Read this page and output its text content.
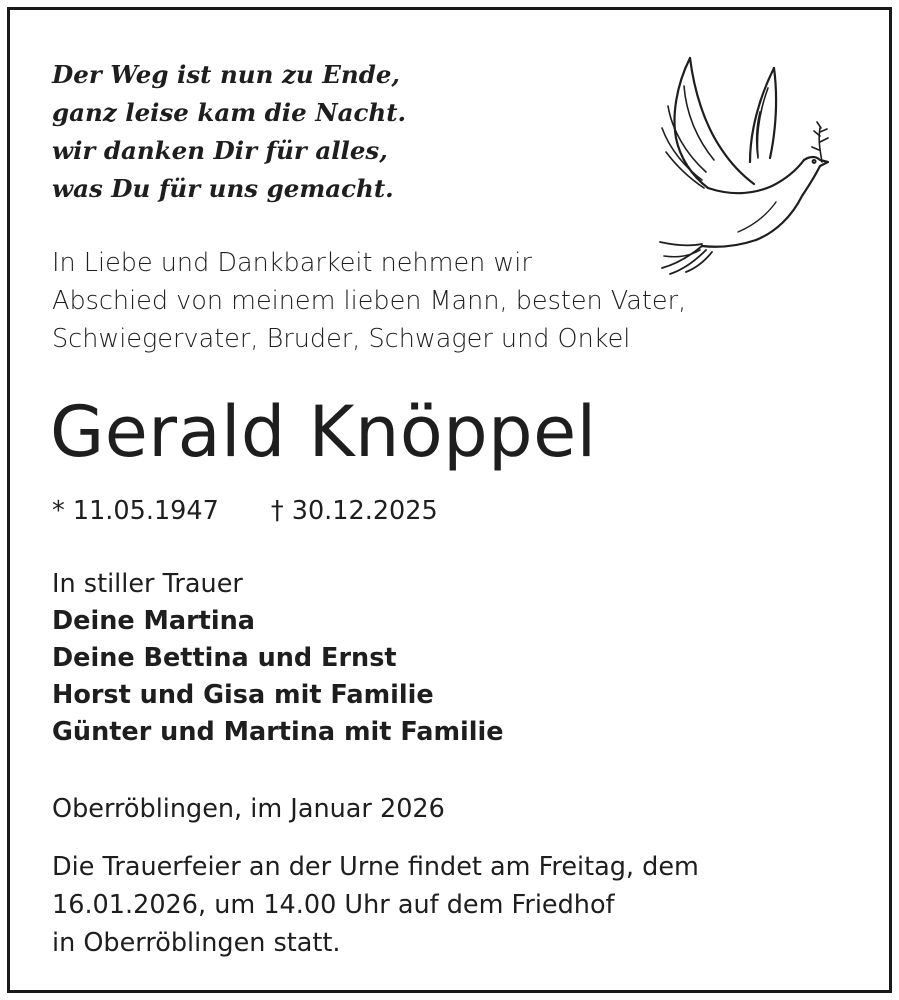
Der Weg ist nun zu Ende,
ganz leise kam die Nacht.
wir danken Dir für alles,
was Du für uns gemacht.
In Liebe und Dankbarkeit nehmen wir
Abschied von meinem lieben Mann, besten Vater,
Schwiegervater, Bruder, Schwager und Onkel
Gerald Knöppel
* 11.05.1947 † 30.12.2025
In stiller Trauer
Deine Martina
Deine Bettina und Ernst
Horst und Gisa mit Familie
Günter und Martina mit Familie
Oberröblingen, im Januar 2026
Die Trauerfeier an der Urne findet am Freitag, dem
16.01.2026, um 14.00 Uhr auf dem Friedhof
in Oberröblingen statt.
